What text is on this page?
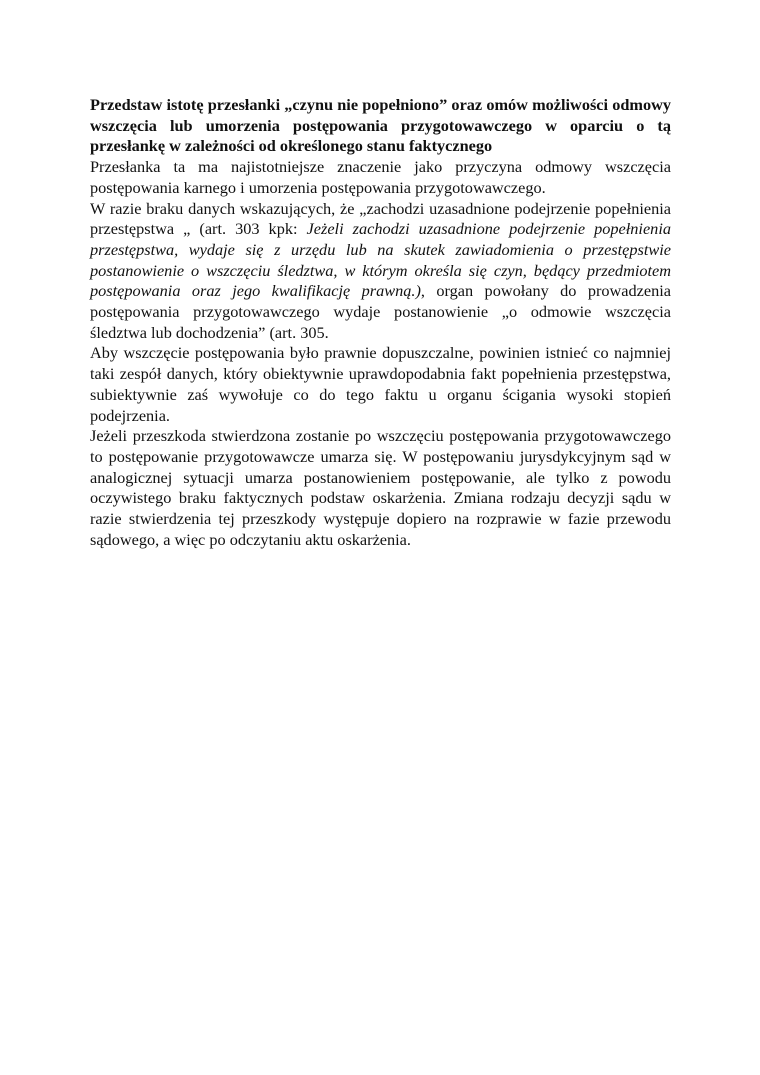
Przedstaw istotę przesłanki „czynu nie popełniono” oraz omów możliwości odmowy wszczęcia lub umorzenia postępowania przygotowawczego w oparciu o tą przesłankę w zależności od określonego stanu faktycznego

Przesłanka ta ma najistotniejsze znaczenie jako przyczyna odmowy wszczęcia postępowania karnego i umorzenia postępowania przygotowawczego.

W razie braku danych wskazujących, że „zachodzi uzasadnione podejrzenie popełnienia przestępstwa „ (art. 303 kpk: Jeżeli zachodzi uzasadnione podejrzenie popełnienia przestępstwa, wydaje się z urzędu lub na skutek zawiadomienia o przestępstwie postanowienie o wszczęciu śledztwa, w którym określa się czyn, będący przedmiotem postępowania oraz jego kwalifikację prawną.), organ powołany do prowadzenia postępowania przygotowawczego wydaje postanowienie „o odmowie wszczęcia śledztwa lub dochodzenia” (art. 305.

Aby wszczęcie postępowania było prawnie dopuszczalne, powinien istnieć co najmniej taki zespół danych, który obiektywnie uprawdopodabnia fakt popełnienia przestępstwa, subiektywnie zaś wywołuje co do tego faktu u organu ścigania wysoki stopień podejrzenia.

Jeżeli przeszkoda stwierdzona zostanie po wszczęciu postępowania przygotowawczego to postępowanie przygotowawcze umarza się. W postępowaniu jurysdykcyjnym sąd w analogicznej sytuacji umarza postanowieniem postępowanie, ale tylko z powodu oczywistego braku faktycznych podstaw oskarżenia. Zmiana rodzaju decyzji sądu w razie stwierdzenia tej przeszkody występuje dopiero na rozprawie w fazie przewodu sądowego, a więc po odczytaniu aktu oskarżenia.
